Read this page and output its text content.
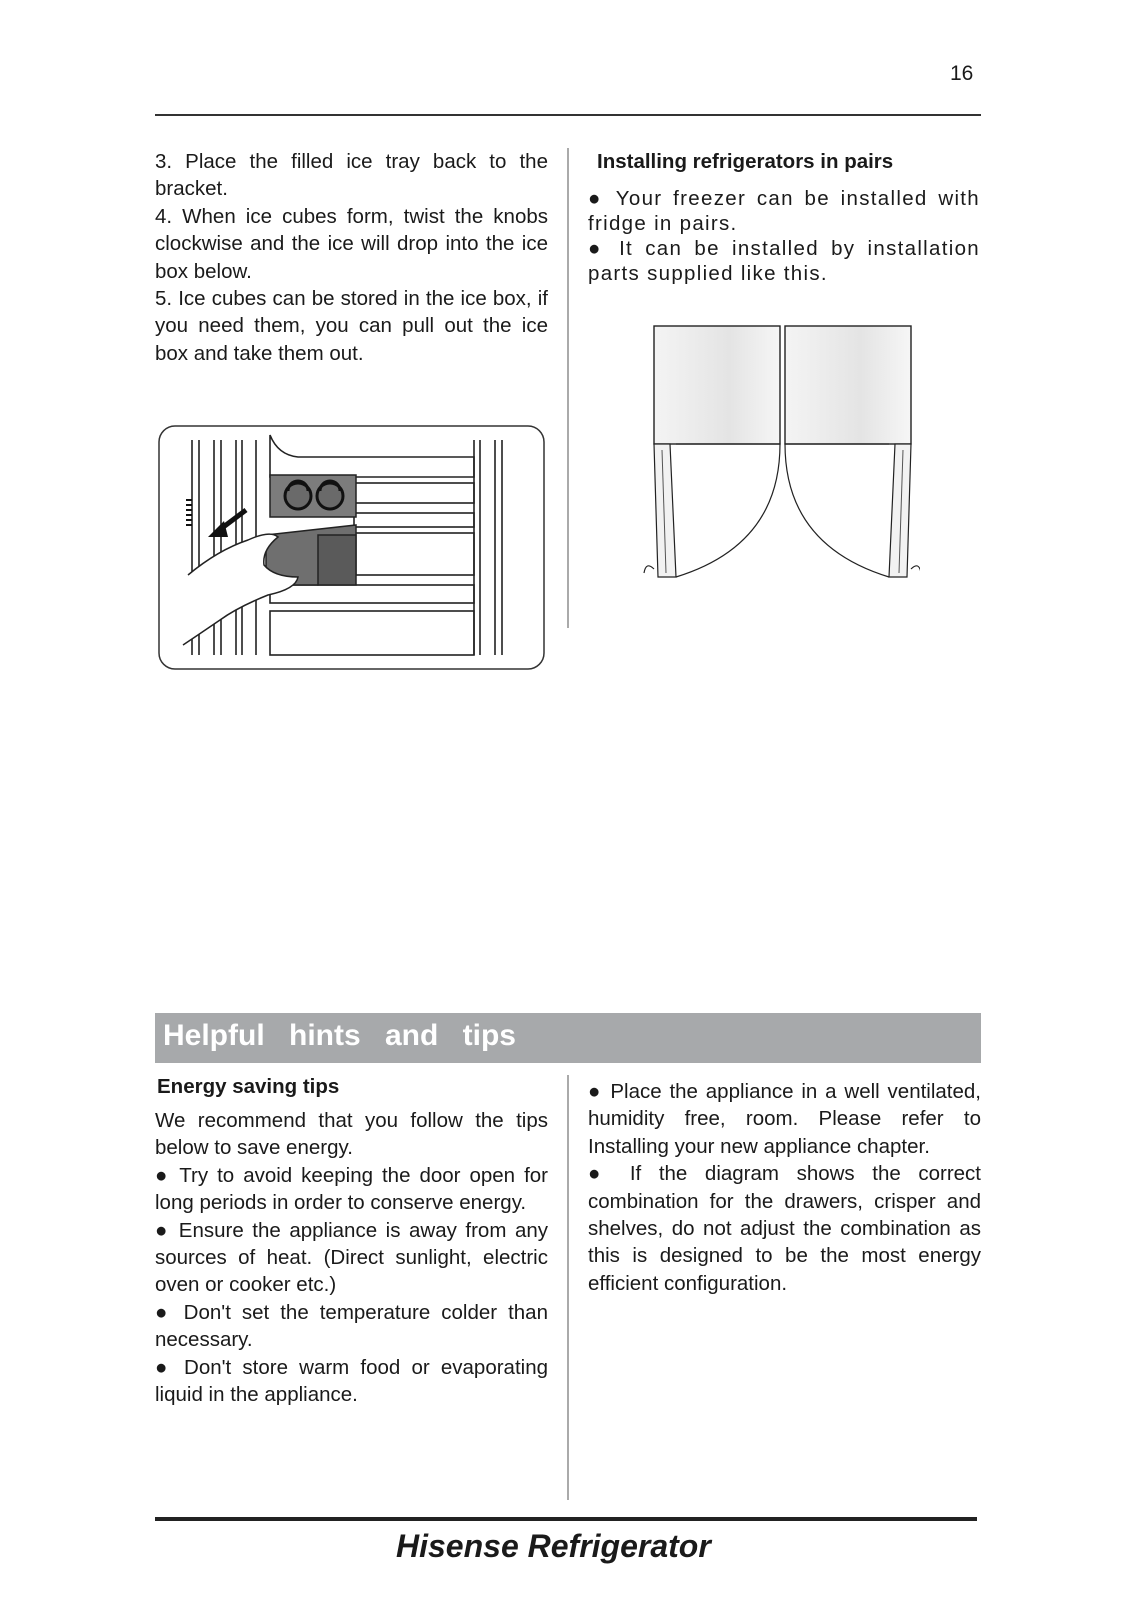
16

3. Place the filled ice tray back to the bracket.

4. When ice cubes form, twist the knobs clockwise and the ice will drop into the ice box below.

5. Ice cubes can be stored in the ice box, if you need them, you can pull out the ice box and take them out.

Installing refrigerators in pairs

● Your freezer can be installed with fridge in pairs.

● It can be installed by installation parts supplied like this.

Helpful hints and tips

Energy saving tips

We recommend that you follow the tips below to save energy.

● Try to avoid keeping the door open for long periods in order to conserve energy.

● Ensure the appliance is away from any sources of heat. (Direct sunlight, electric oven or cooker etc.)

● Don't set the temperature colder than necessary.

● Don't store warm food or evaporating liquid in the appliance.

● Place the appliance in a well ventilated, humidity free, room. Please refer to Installing your new appliance chapter.

● If the diagram shows the correct combination for the drawers, crisper and shelves, do not adjust the combination as this is designed to be the most energy efficient configuration.

Hisense Refrigerator
